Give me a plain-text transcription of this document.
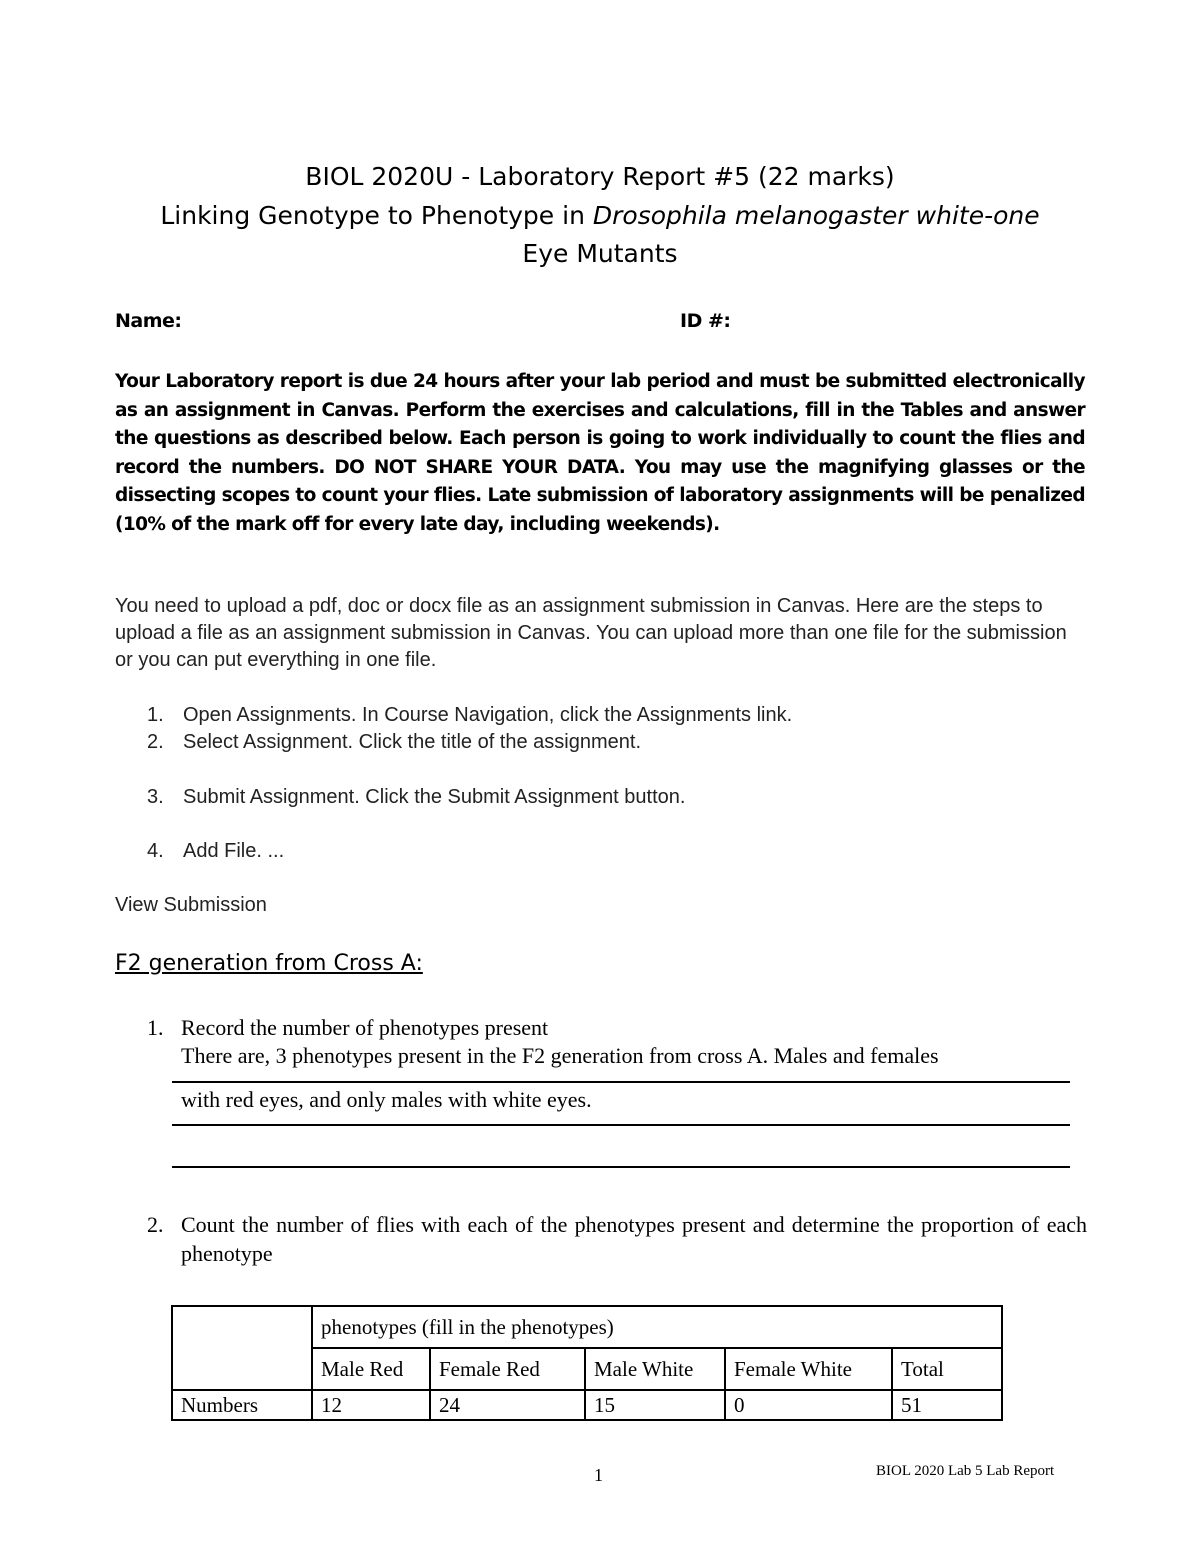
BIOL 2020U - Laboratory Report #5 (22 marks)
Linking Genotype to Phenotype in Drosophila melanogaster white-one
Eye Mutants
Name:	ID #:
Your Laboratory report is due 24 hours after your lab period and must be submitted electronically as an assignment in Canvas. Perform the exercises and calculations, fill in the Tables and answer the questions as described below. Each person is going to work individually to count the flies and record the numbers. DO NOT SHARE YOUR DATA. You may use the magnifying glasses or the dissecting scopes to count your flies. Late submission of laboratory assignments will be penalized (10% of the mark off for every late day, including weekends).
You need to upload a pdf, doc or docx file as an assignment submission in Canvas. Here are the steps to upload a file as an assignment submission in Canvas. You can upload more than one file for the submission or you can put everything in one file.
1. Open Assignments. In Course Navigation, click the Assignments link.
2. Select Assignment. Click the title of the assignment.
3. Submit Assignment. Click the Submit Assignment button.
4. Add File. ...
View Submission
F2 generation from Cross A:
1. Record the number of phenotypes present
There are, 3 phenotypes present in the F2 generation from cross A. Males and females
with red eyes, and only males with white eyes.
2. Count the number of flies with each of the phenotypes present and determine the proportion of each phenotype
	phenotypes (fill in the phenotypes)				
	Male Red	Female Red	Male White	Female White	Total
Numbers	12	24	15	0	51
1	BIOL 2020 Lab 5 Lab Report
